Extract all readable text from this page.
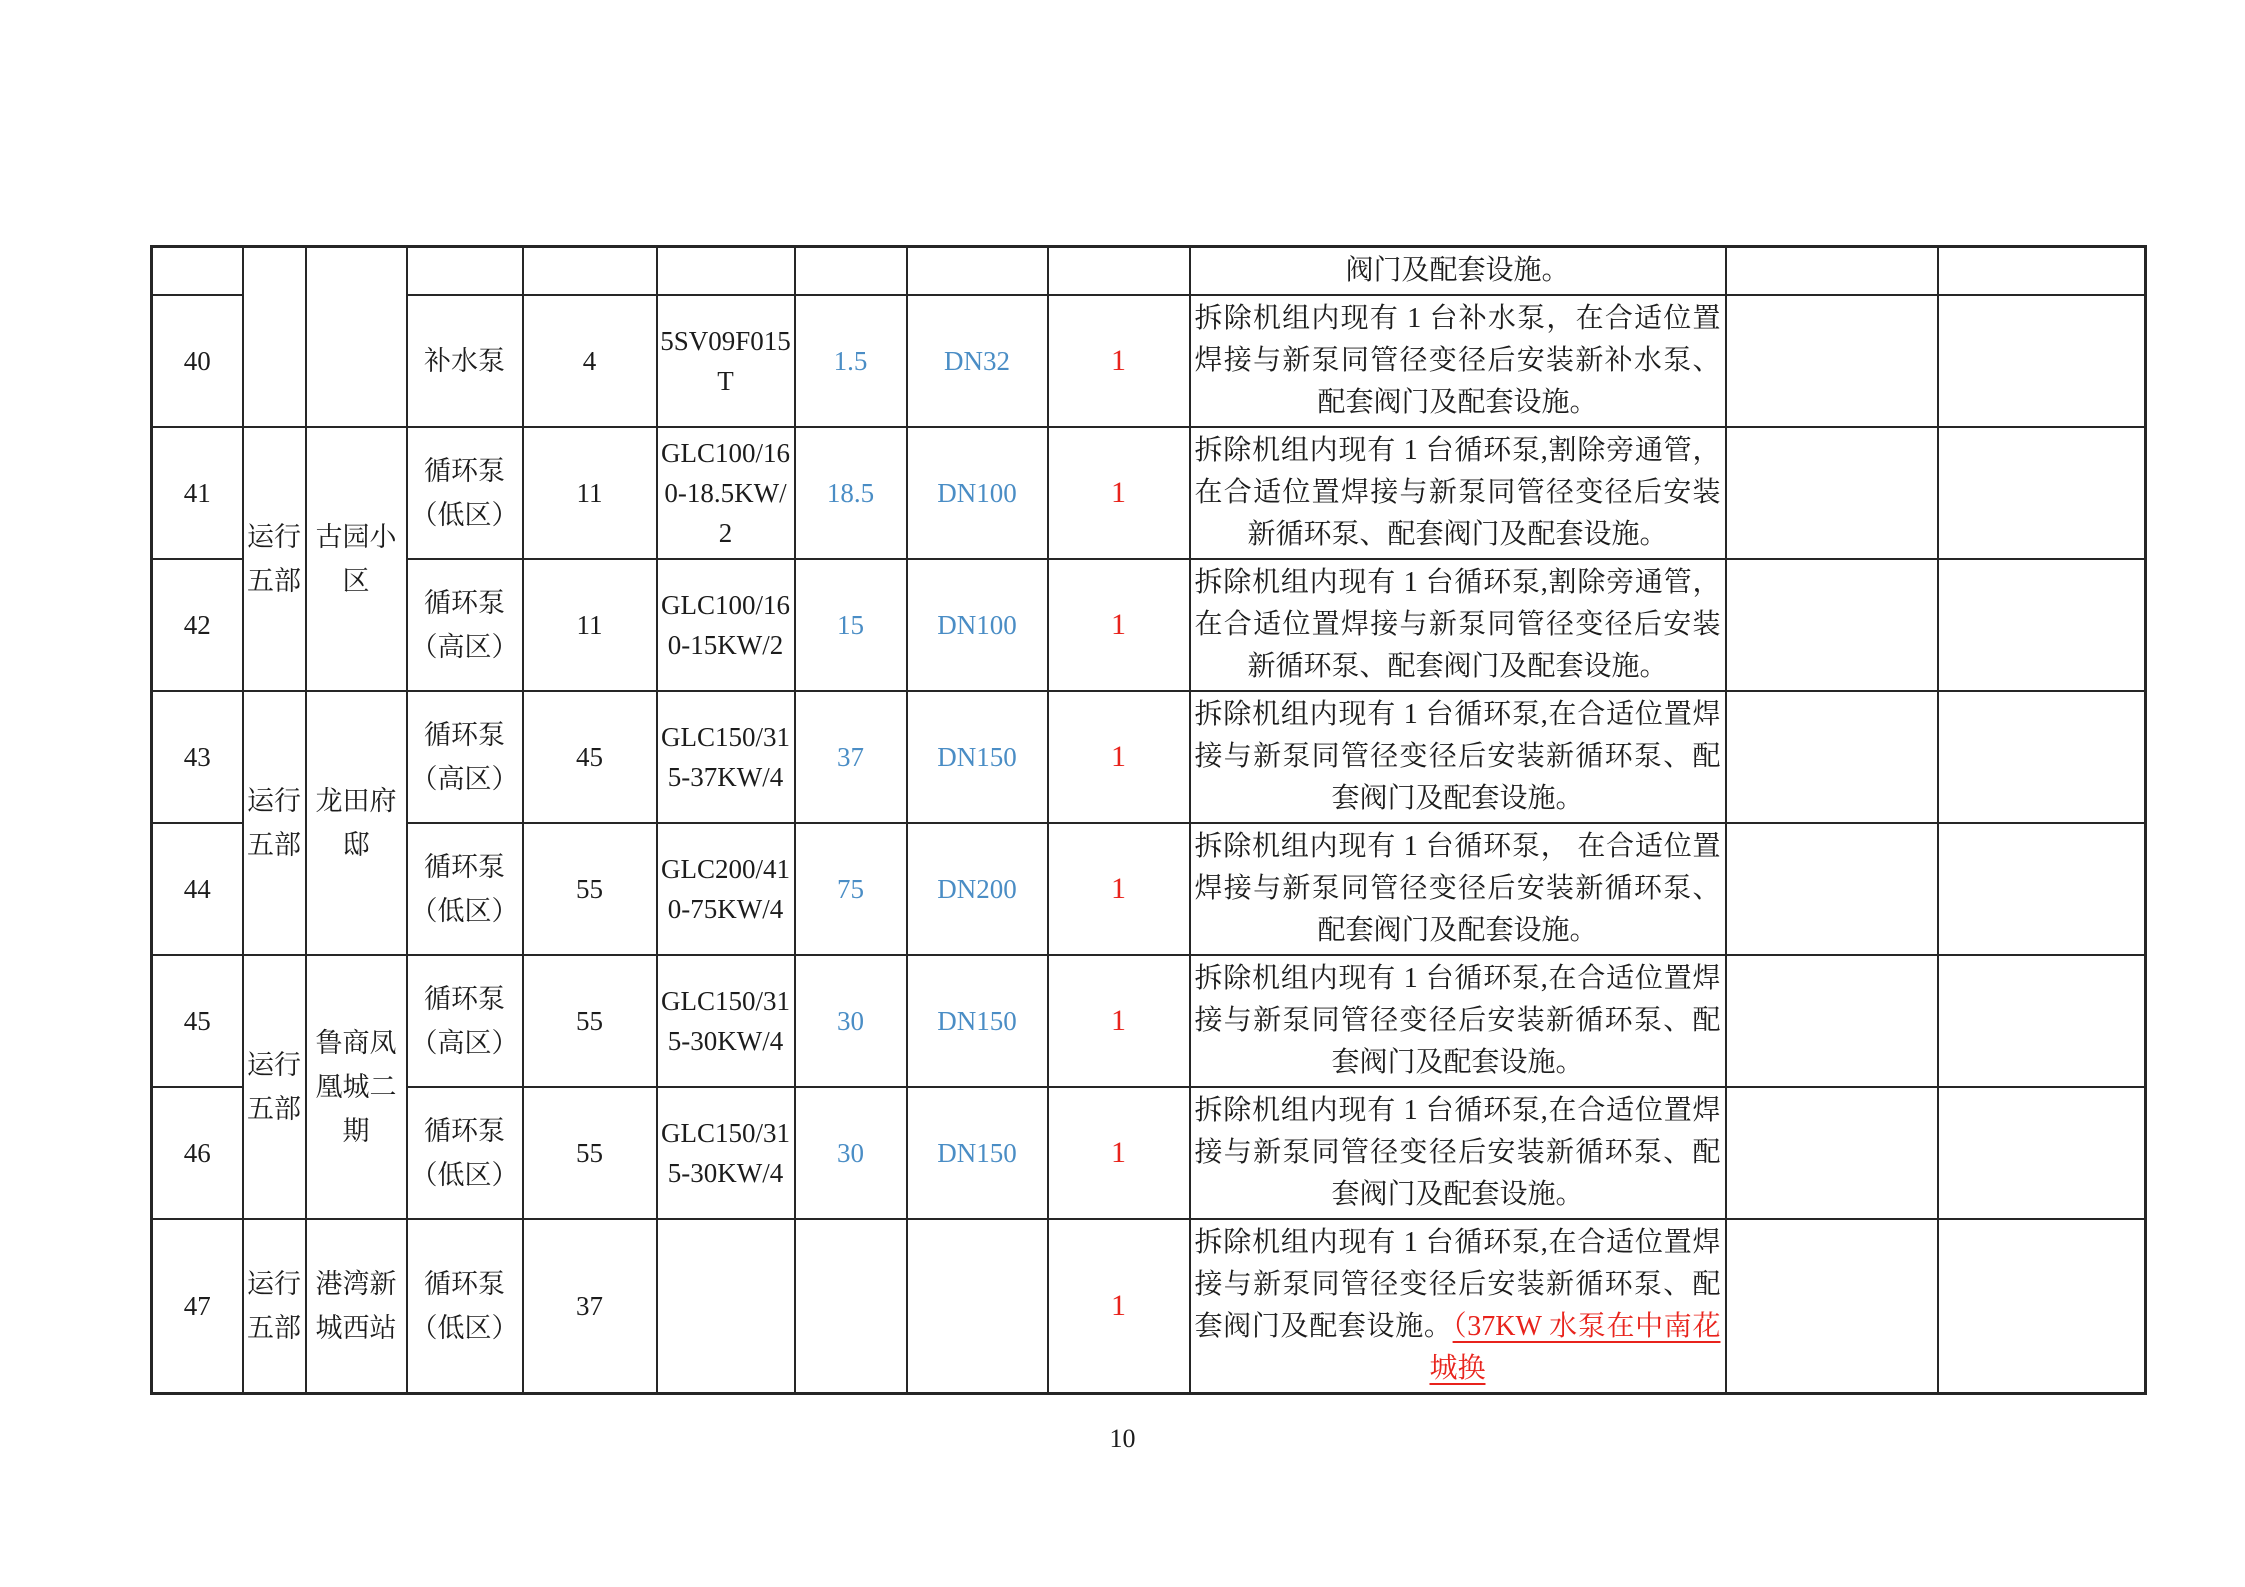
									阀门及配套设施。		
40			补水泵	4	5SV09F015T	1.5	DN32	1	拆除机组内现有 1 台补水泵，在合适位置焊接与新泵同管径变径后安装新补水泵、配套阀门及配套设施。		
41	运行五部	古园小区	循环泵（低区）	11	GLC100/160-18.5KW/2	18.5	DN100	1	拆除机组内现有 1 台循环泵,割除旁通管，在合适位置焊接与新泵同管径变径后安装新循环泵、配套阀门及配套设施。		
42			循环泵（高区）	11	GLC100/160-15KW/2	15	DN100	1	拆除机组内现有 1 台循环泵,割除旁通管，在合适位置焊接与新泵同管径变径后安装新循环泵、配套阀门及配套设施。		
43	运行五部	龙田府邸	循环泵（高区）	45	GLC150/315-37KW/4	37	DN150	1	拆除机组内现有 1 台循环泵,在合适位置焊接与新泵同管径变径后安装新循环泵、配套阀门及配套设施。		
44			循环泵（低区）	55	GLC200/410-75KW/4	75	DN200	1	拆除机组内现有 1 台循环泵， 在合适位置焊接与新泵同管径变径后安装新循环泵、配套阀门及配套设施。		
45	运行五部	鲁商凤凰城二期	循环泵（高区）	55	GLC150/315-30KW/4	30	DN150	1	拆除机组内现有 1 台循环泵,在合适位置焊接与新泵同管径变径后安装新循环泵、配套阀门及配套设施。		
46			循环泵（低区）	55	GLC150/315-30KW/4	30	DN150	1	拆除机组内现有 1 台循环泵,在合适位置焊接与新泵同管径变径后安装新循环泵、配套阀门及配套设施。		
47	运行五部	港湾新城西站	循环泵（低区）	37				1	拆除机组内现有 1 台循环泵,在合适位置焊接与新泵同管径变径后安装新循环泵、配套阀门及配套设施。（37KW 水泵在中南花城换		
10
